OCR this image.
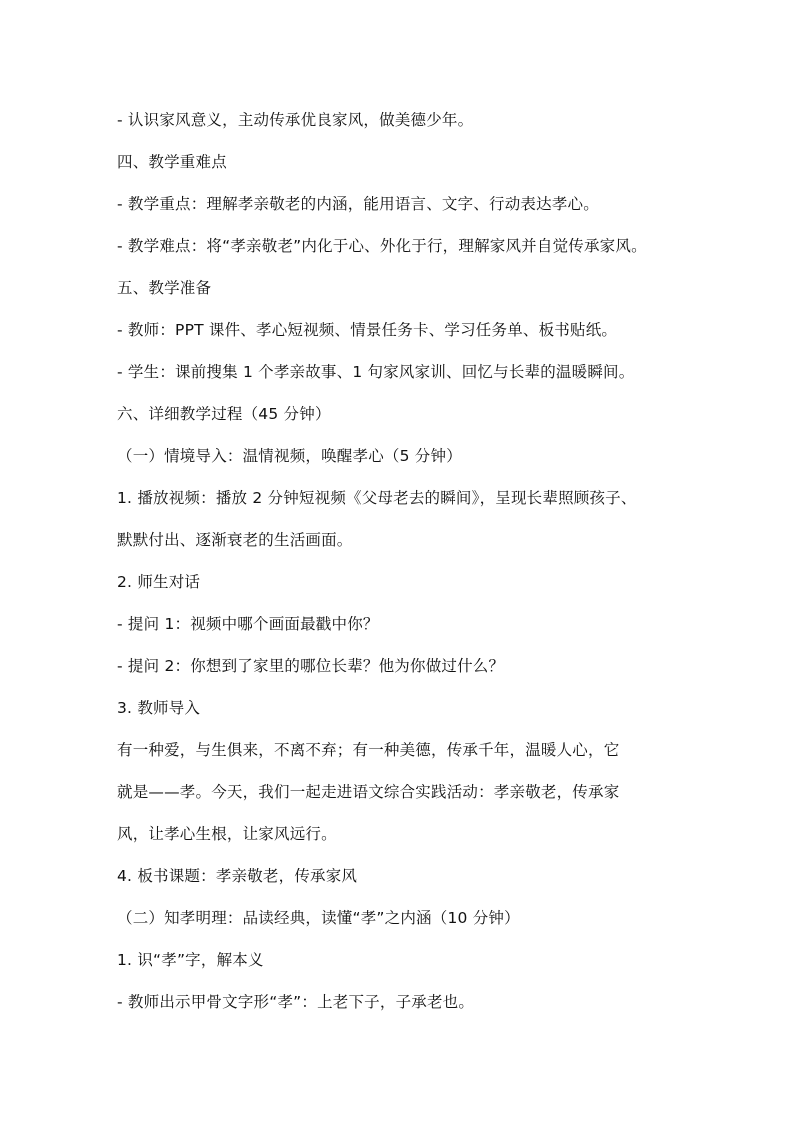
- 认识家风意义，主动传承优良家风，做美德少年。
四、教学重难点
- 教学重点：理解孝亲敬老的内涵，能用语言、文字、行动表达孝心。
- 教学难点：将“孝亲敬老”内化于心、外化于行，理解家风并自觉传承家风。
五、教学准备
- 教师：PPT 课件、孝心短视频、情景任务卡、学习任务单、板书贴纸。
- 学生：课前搜集 1 个孝亲故事、1 句家风家训、回忆与长辈的温暖瞬间。
六、详细教学过程（45 分钟）
（一）情境导入：温情视频，唤醒孝心（5 分钟）
1. 播放视频：播放 2 分钟短视频《父母老去的瞬间》，呈现长辈照顾孩子、
默默付出、逐渐衰老的生活画面。
2. 师生对话
- 提问 1：视频中哪个画面最戳中你？
- 提问 2：你想到了家里的哪位长辈？他为你做过什么？
3. 教师导入
有一种爱，与生俱来，不离不弃；有一种美德，传承千年，温暖人心，它
就是——孝。今天，我们一起走进语文综合实践活动：孝亲敬老，传承家
风，让孝心生根，让家风远行。
4. 板书课题：孝亲敬老，传承家风
（二）知孝明理：品读经典，读懂“孝”之内涵（10 分钟）
1. 识“孝”字，解本义
- 教师出示甲骨文字形“孝”：上老下子，子承老也。
